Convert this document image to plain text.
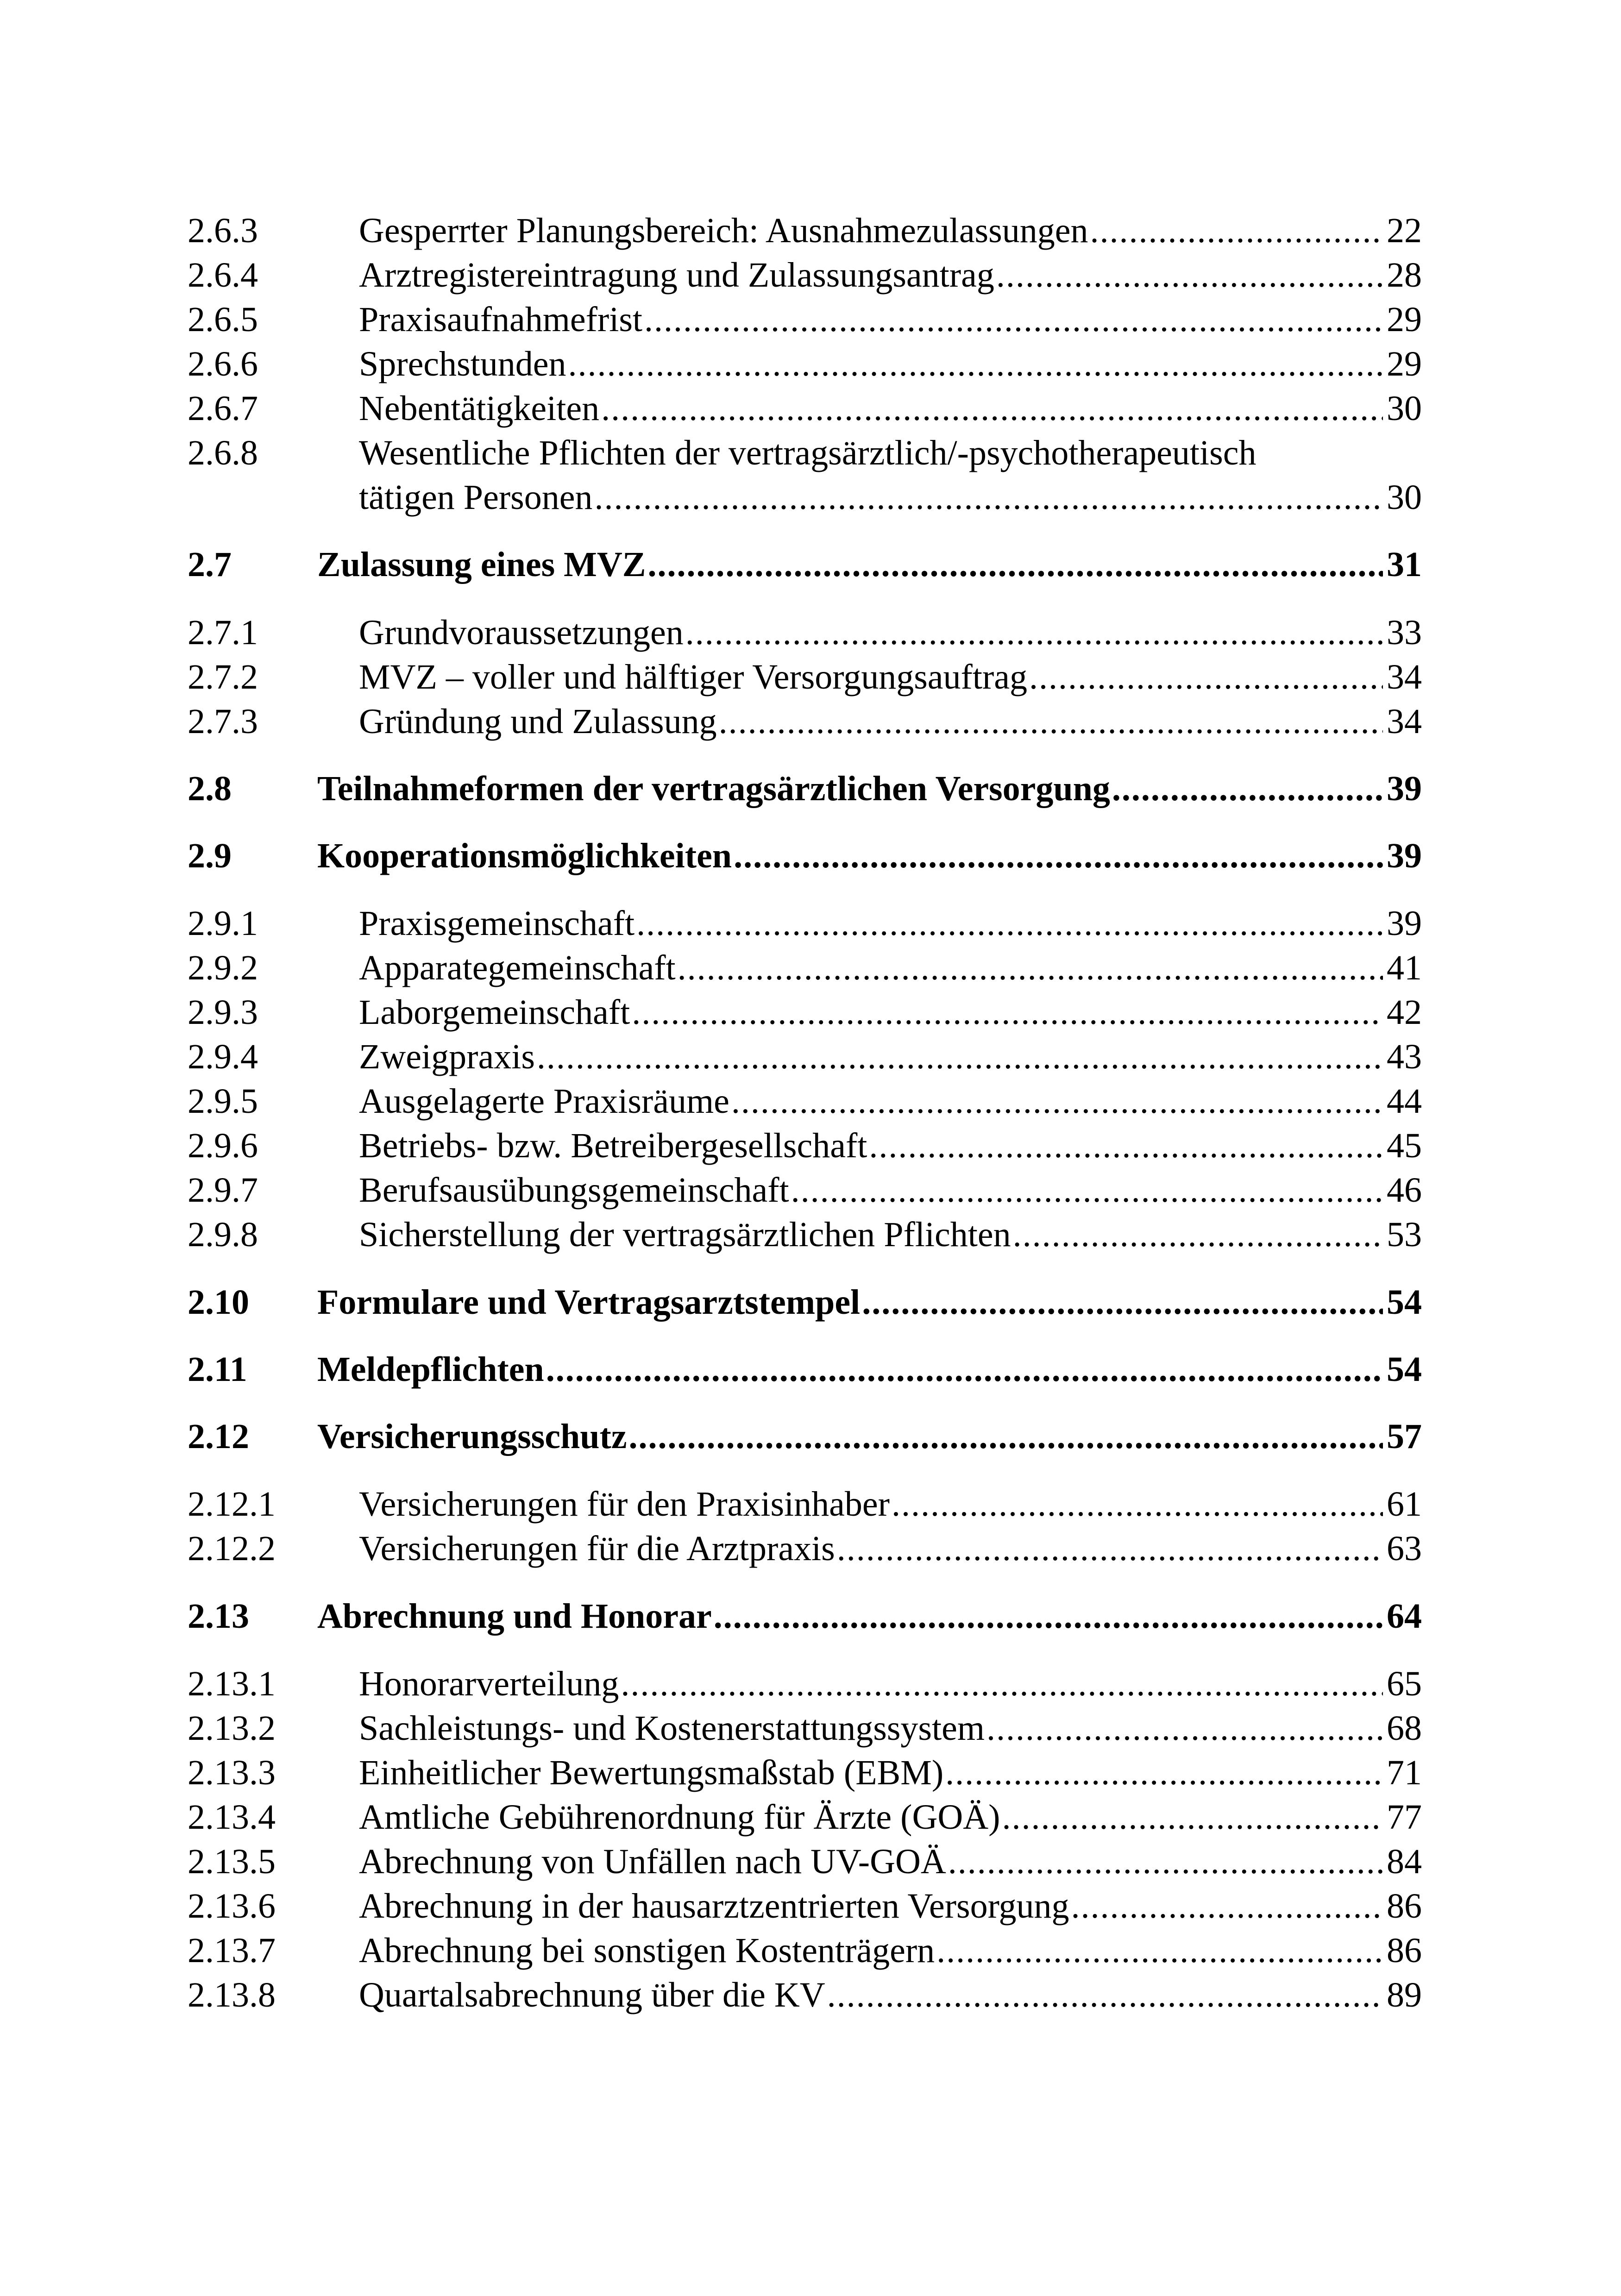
2.6.3	Gesperrter Planungsbereich: Ausnahmezulassungen .....	22
2.6.4	Arztregistereintragung und Zulassungsantrag .....	28
2.6.5	Praxisaufnahmefrist .....	29
2.6.6	Sprechstunden .....	29
2.6.7	Nebentätigkeiten .....	30
2.6.8	Wesentliche Pflichten der vertragsärztlich/-psychotherapeutisch
tätigen Personen .....	30
2.7 Zulassung eines MVZ .....	31
2.7.1	Grundvoraussetzungen .....	33
2.7.2	MVZ – voller und hälftiger Versorgungsauftrag .....	34
2.7.3	Gründung und Zulassung .....	34
2.8 Teilnahmeformen der vertragsärztlichen Versorgung .....	39
2.9 Kooperationsmöglichkeiten .....	39
2.9.1	Praxisgemeinschaft .....	39
2.9.2	Apparategemeinschaft .....	41
2.9.3	Laborgemeinschaft .....	42
2.9.4	Zweigpraxis .....	43
2.9.5	Ausgelagerte Praxisräume .....	44
2.9.6	Betriebs- bzw. Betreibergesellschaft .....	45
2.9.7	Berufsausübungsgemeinschaft .....	46
2.9.8	Sicherstellung der vertragsärztlichen Pflichten .....	53
2.10 Formulare und Vertragsarztstempel .....	54
2.11 Meldepflichten .....	54
2.12 Versicherungsschutz .....	57
2.12.1 Versicherungen für den Praxisinhaber .....	61
2.12.2 Versicherungen für die Arztpraxis .....	63
2.13 Abrechnung und Honorar .....	64
2.13.1 Honorarverteilung .....	65
2.13.2 Sachleistungs- und Kostenerstattungssystem .....	68
2.13.3 Einheitlicher Bewertungsmaßstab (EBM) .....	71
2.13.4 Amtliche Gebührenordnung für Ärzte (GOÄ) .....	77
2.13.5 Abrechnung von Unfällen nach UV-GOÄ .....	84
2.13.6 Abrechnung in der hausarztzentrierten Versorgung .....	86
2.13.7 Abrechnung bei sonstigen Kostenträgern .....	86
2.13.8 Quartalsabrechnung über die KV .....	89
